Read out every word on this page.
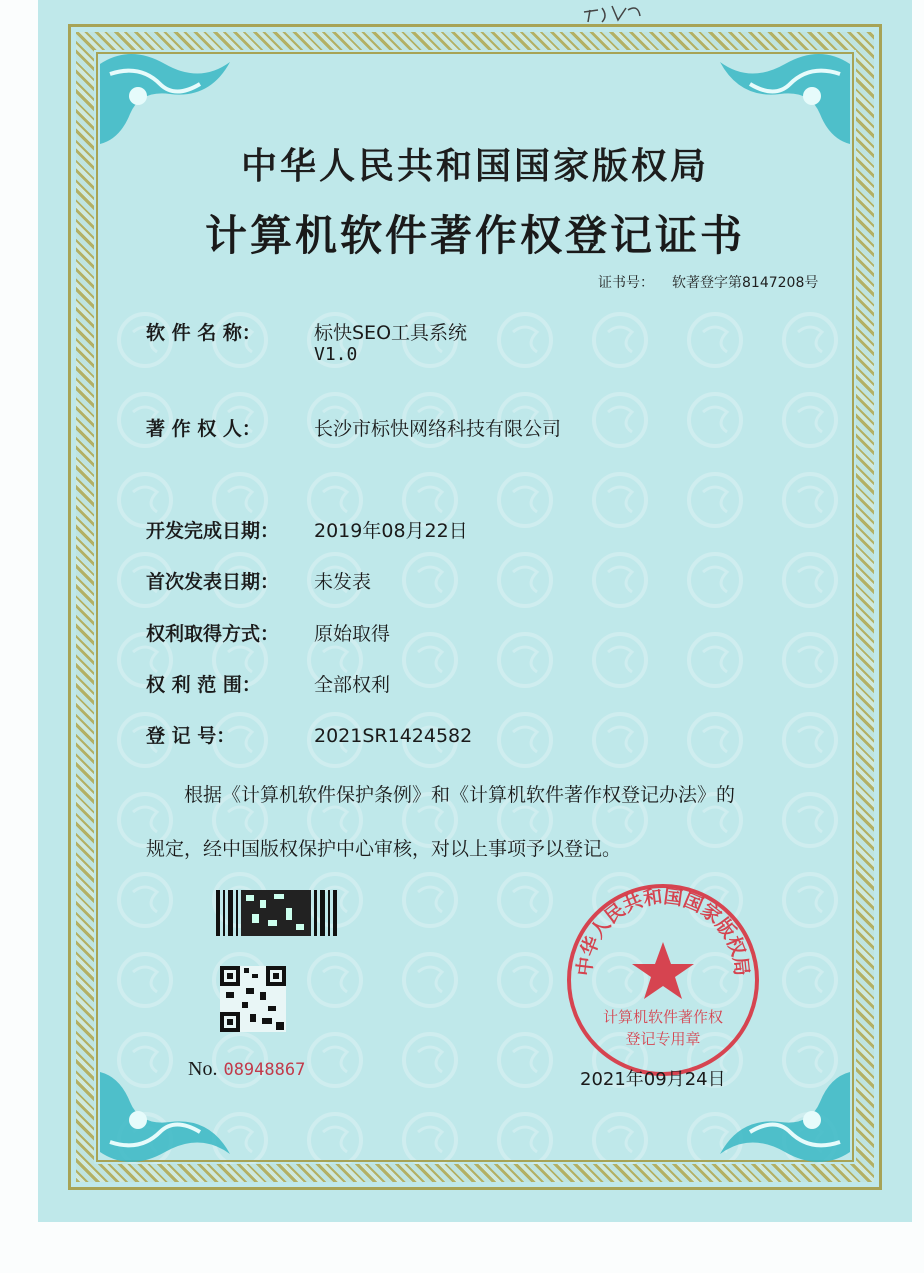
中华人民共和国国家版权局
计算机软件著作权登记证书
证书号： 软著登字第8147208号
软 件 名 称：	标快SEO工具系统
V1.0
著 作 权 人：	长沙市标快网络科技有限公司
开发完成日期： 2019年08月22日
首次发表日期： 未发表
权利取得方式： 原始取得
权 利 范 围：	全部权利
登 记 号：	2021SR1424582
根据《计算机软件保护条例》和《计算机软件著作权登记办法》的
规定，经中国版权保护中心审核，对以上事项予以登记。
No. 08948867
中华人民共和国国家版权局
计算机软件著作权
登记专用章
2021年09月24日
